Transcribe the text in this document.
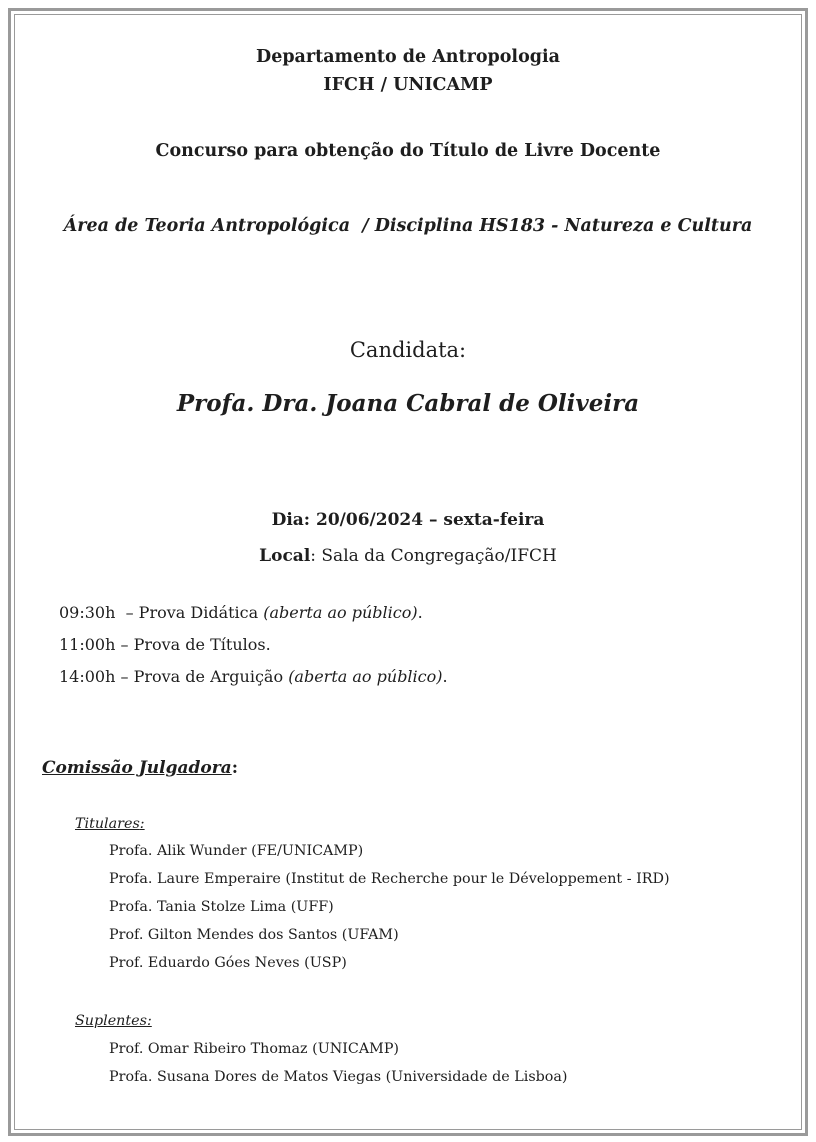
Departamento de Antropologia
IFCH / UNICAMP
Concurso para obtenção do Título de Livre Docente
Área de Teoria Antropológica  / Disciplina HS183 - Natureza e Cultura
Candidata:
Profa. Dra. Joana Cabral de Oliveira
Dia: 20/06/2024 – sexta-feira
Local: Sala da Congregação/IFCH
09:30h  – Prova Didática (aberta ao público).
11:00h – Prova de Títulos.
14:00h – Prova de Arguição (aberta ao público).
Comissão Julgadora:
Titulares:
Profa. Alik Wunder (FE/UNICAMP)
Profa. Laure Emperaire (Institut de Recherche pour le Développement - IRD)
Profa. Tania Stolze Lima (UFF)
Prof. Gilton Mendes dos Santos (UFAM)
Prof. Eduardo Góes Neves (USP)
Suplentes:
Prof. Omar Ribeiro Thomaz (UNICAMP)
Profa. Susana Dores de Matos Viegas (Universidade de Lisboa)
